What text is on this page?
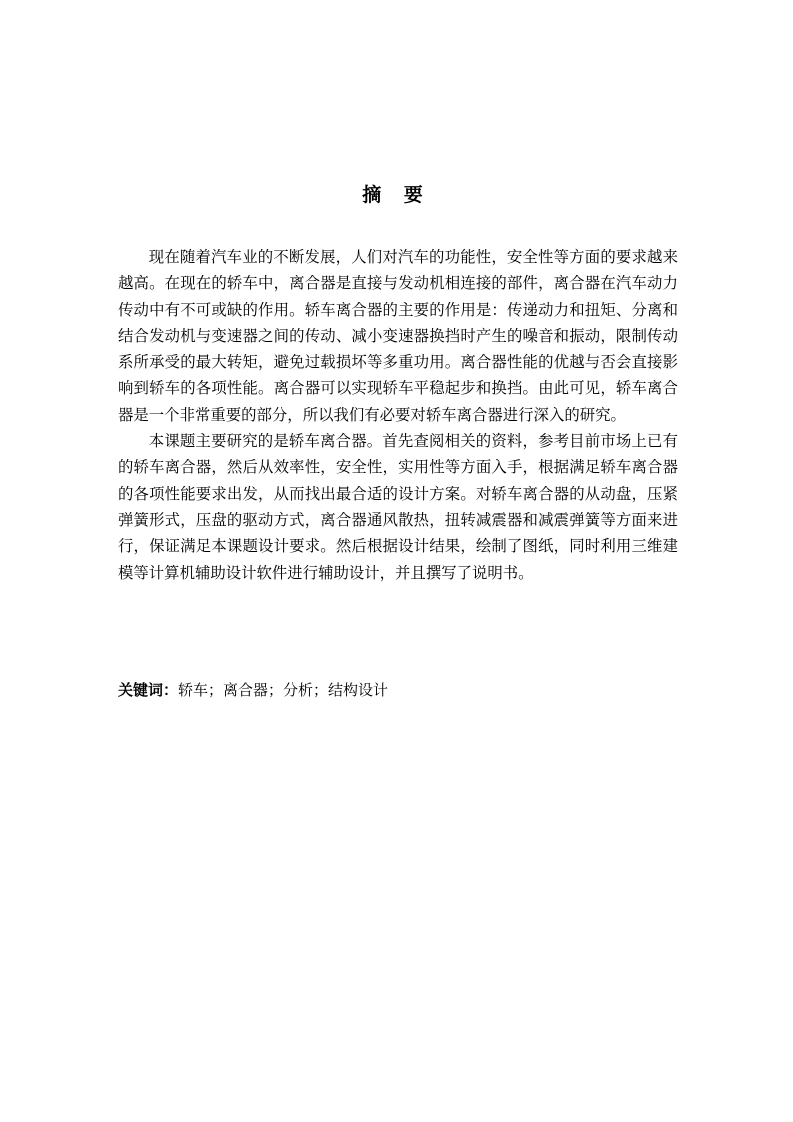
摘 要

现在随着汽车业的不断发展，人们对汽车的功能性，安全性等方面的要求越来越高。在现在的轿车中，离合器是直接与发动机相连接的部件，离合器在汽车动力传动中有不可或缺的作用。轿车离合器的主要的作用是：传递动力和扭矩、分离和结合发动机与变速器之间的传动、减小变速器换挡时产生的噪音和振动，限制传动系所承受的最大转矩，避免过载损坏等多重功用。离合器性能的优越与否会直接影响到轿车的各项性能。离合器可以实现轿车平稳起步和换挡。由此可见，轿车离合器是一个非常重要的部分，所以我们有必要对轿车离合器进行深入的研究。

本课题主要研究的是轿车离合器。首先查阅相关的资料，参考目前市场上已有的轿车离合器，然后从效率性，安全性，实用性等方面入手，根据满足轿车离合器的各项性能要求出发，从而找出最合适的设计方案。对轿车离合器的从动盘，压紧弹簧形式，压盘的驱动方式，离合器通风散热，扭转减震器和减震弹簧等方面来进行，保证满足本课题设计要求。然后根据设计结果，绘制了图纸，同时利用三维建模等计算机辅助设计软件进行辅助设计，并且撰写了说明书。

关键词：轿车；离合器；分析；结构设计
